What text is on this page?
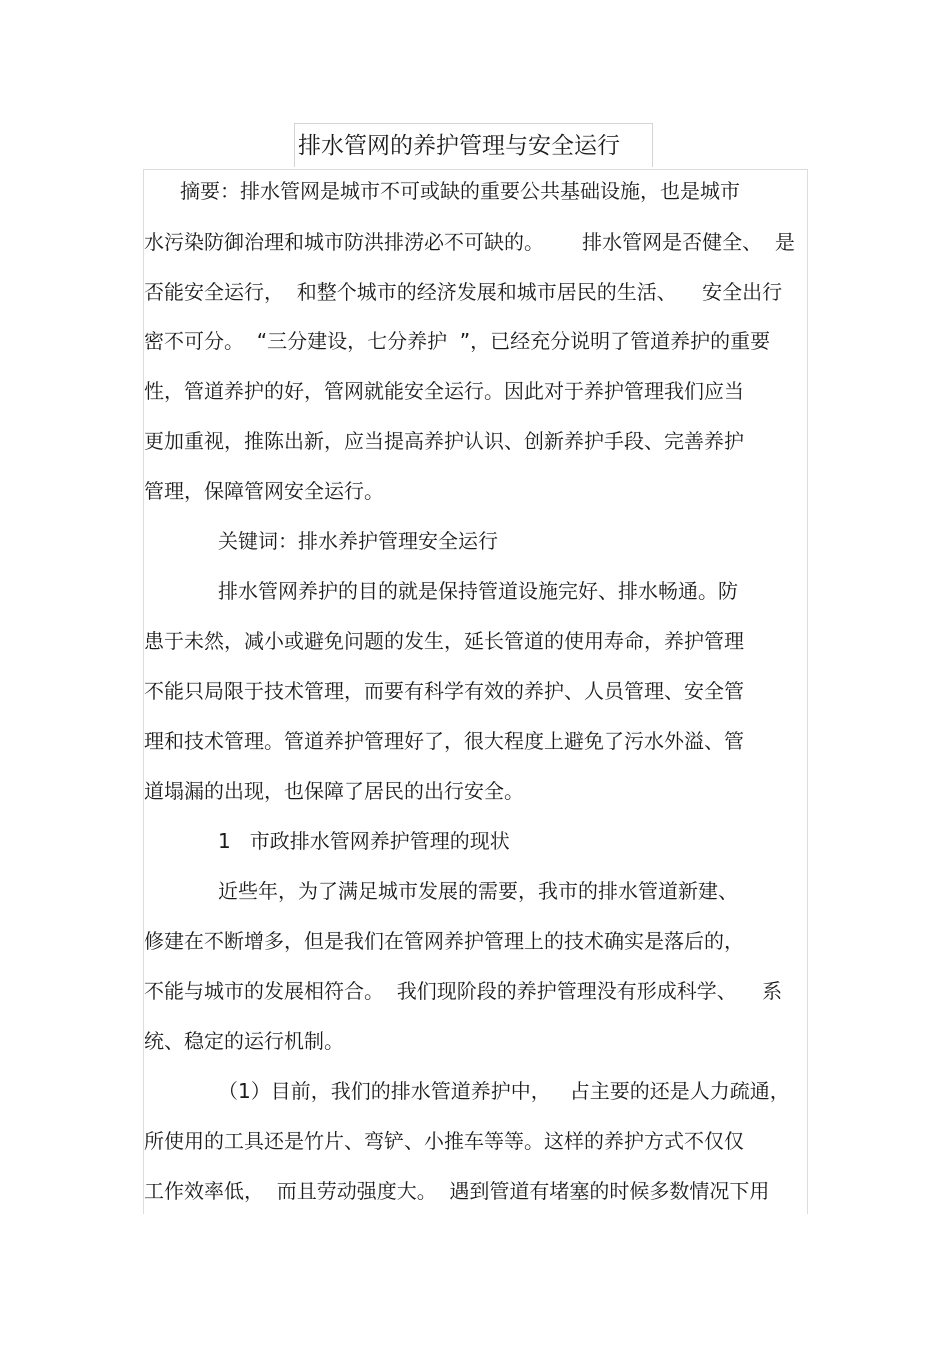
排水管网的养护管理与安全运行

摘要：排水管网是城市不可或缺的重要公共基础设施，也是城市

水污染防御治理和城市防洪排涝必不可缺的。      排水管网是否健全、  是

否能安全运行，  和整个城市的经济发展和城市居民的生活、    安全出行

密不可分。  “三分建设，七分养护  ”，已经充分说明了管道养护的重要

性，管道养护的好，管网就能安全运行。因此对于养护管理我们应当

更加重视，推陈出新，应当提高养护认识、创新养护手段、完善养护

管理，保障管网安全运行。

关键词：排水养护管理安全运行

排水管网养护的目的就是保持管道设施完好、排水畅通。防

患于未然，减小或避免问题的发生，延长管道的使用寿命，养护管理

不能只局限于技术管理，而要有科学有效的养护、人员管理、安全管

理和技术管理。管道养护管理好了，很大程度上避免了污水外溢、管

道塌漏的出现，也保障了居民的出行安全。

1   市政排水管网养护管理的现状

近些年，为了满足城市发展的需要，我市的排水管道新建、

修建在不断增多，但是我们在管网养护管理上的技术确实是落后的，

不能与城市的发展相符合。  我们现阶段的养护管理没有形成科学、    系

统、稳定的运行机制。

（1）目前，我们的排水管道养护中，   占主要的还是人力疏通，

所使用的工具还是竹片、弯铲、小推车等等。这样的养护方式不仅仅

工作效率低，  而且劳动强度大。  遇到管道有堵塞的时候多数情况下用
